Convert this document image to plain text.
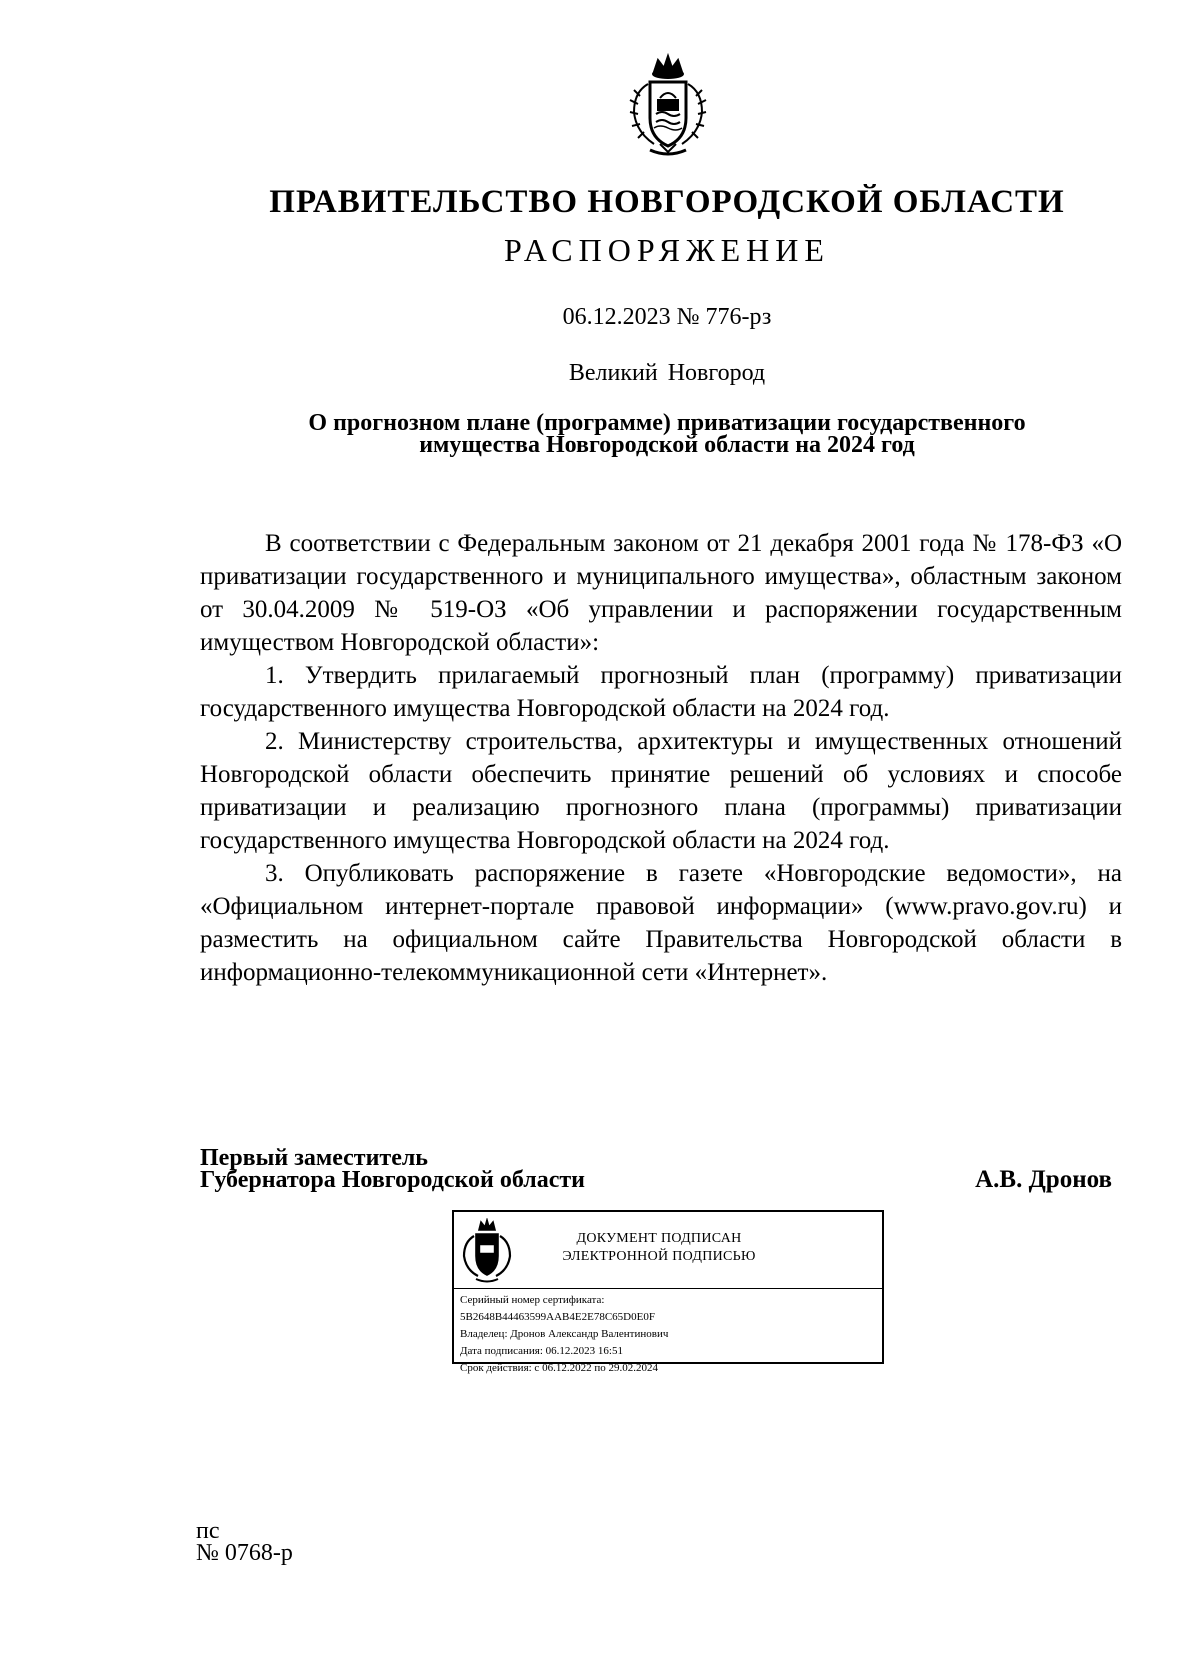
ПРАВИТЕЛЬСТВО НОВГОРОДСКОЙ ОБЛАСТИ
РАСПОРЯЖЕНИЕ
06.12.2023 № 776-рз
Великий Новгород
О прогнозном плане (программе) приватизации государственного
имущества Новгородской области на 2024 год

В соответствии с Федеральным законом от 21 декабря 2001 года № 178-ФЗ «О приватизации государственного и муниципального имущества», областным законом от 30.04.2009 № 519-ОЗ «Об управлении и распоряжении государственным имуществом Новгородской области»:

1. Утвердить прилагаемый прогнозный план (программу) приватизации государственного имущества Новгородской области на 2024 год.

2. Министерству строительства, архитектуры и имущественных отношений Новгородской области обеспечить принятие решений об условиях и способе приватизации и реализацию прогнозного плана (программы) приватизации государственного имущества Новгородской области на 2024 год.

3. Опубликовать распоряжение в газете «Новгородские ведомости», на «Официальном интернет-портале правовой информации» (www.pravo.gov.ru) и разместить на официальном сайте Правительства Новгородской области в информационно-телекоммуникационной сети «Интернет».

Первый заместитель
Губернатора Новгородской области	А.В. Дронов
ДОКУМЕНТ ПОДПИСАН
ЭЛЕКТРОННОЙ ПОДПИСЬЮ
Серийный номер сертификата:
5B2648B44463599AAB4E2E78C65D0E0F
Владелец: Дронов Александр Валентинович
Дата подписания: 06.12.2023 16:51
Срок действия: с 06.12.2022 по 29.02.2024
пс
№ 0768-р
